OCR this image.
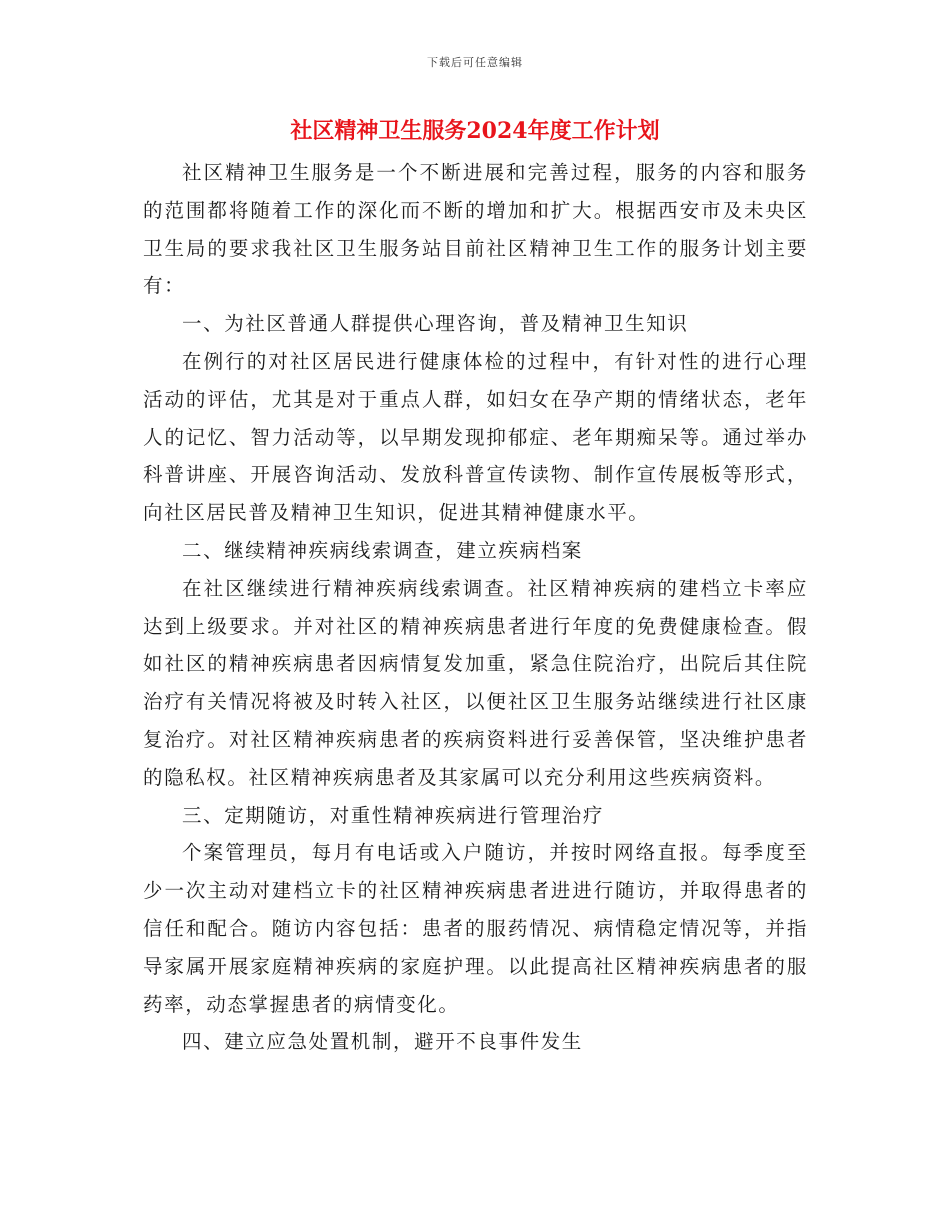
下载后可任意编辑
社区精神卫生服务2024年度工作计划

社区精神卫生服务是一个不断进展和完善过程，服务的内容和服务的范围都将随着工作的深化而不断的增加和扩大。根据西安市及未央区卫生局的要求我社区卫生服务站目前社区精神卫生工作的服务计划主要有：

一、为社区普通人群提供心理咨询，普及精神卫生知识

在例行的对社区居民进行健康体检的过程中，有针对性的进行心理活动的评估，尤其是对于重点人群，如妇女在孕产期的情绪状态，老年人的记忆、智力活动等，以早期发现抑郁症、老年期痴呆等。通过举办科普讲座、开展咨询活动、发放科普宣传读物、制作宣传展板等形式，向社区居民普及精神卫生知识，促进其精神健康水平。

二、继续精神疾病线索调查，建立疾病档案

在社区继续进行精神疾病线索调查。社区精神疾病的建档立卡率应达到上级要求。并对社区的精神疾病患者进行年度的免费健康检查。假如社区的精神疾病患者因病情复发加重，紧急住院治疗，出院后其住院治疗有关情况将被及时转入社区，以便社区卫生服务站继续进行社区康复治疗。对社区精神疾病患者的疾病资料进行妥善保管，坚决维护患者的隐私权。社区精神疾病患者及其家属可以充分利用这些疾病资料。

三、定期随访，对重性精神疾病进行管理治疗

个案管理员，每月有电话或入户随访，并按时网络直报。每季度至少一次主动对建档立卡的社区精神疾病患者进进行随访，并取得患者的信任和配合。随访内容包括：患者的服药情况、病情稳定情况等，并指导家属开展家庭精神疾病的家庭护理。以此提高社区精神疾病患者的服药率，动态掌握患者的病情变化。

四、建立应急处置机制，避开不良事件发生
